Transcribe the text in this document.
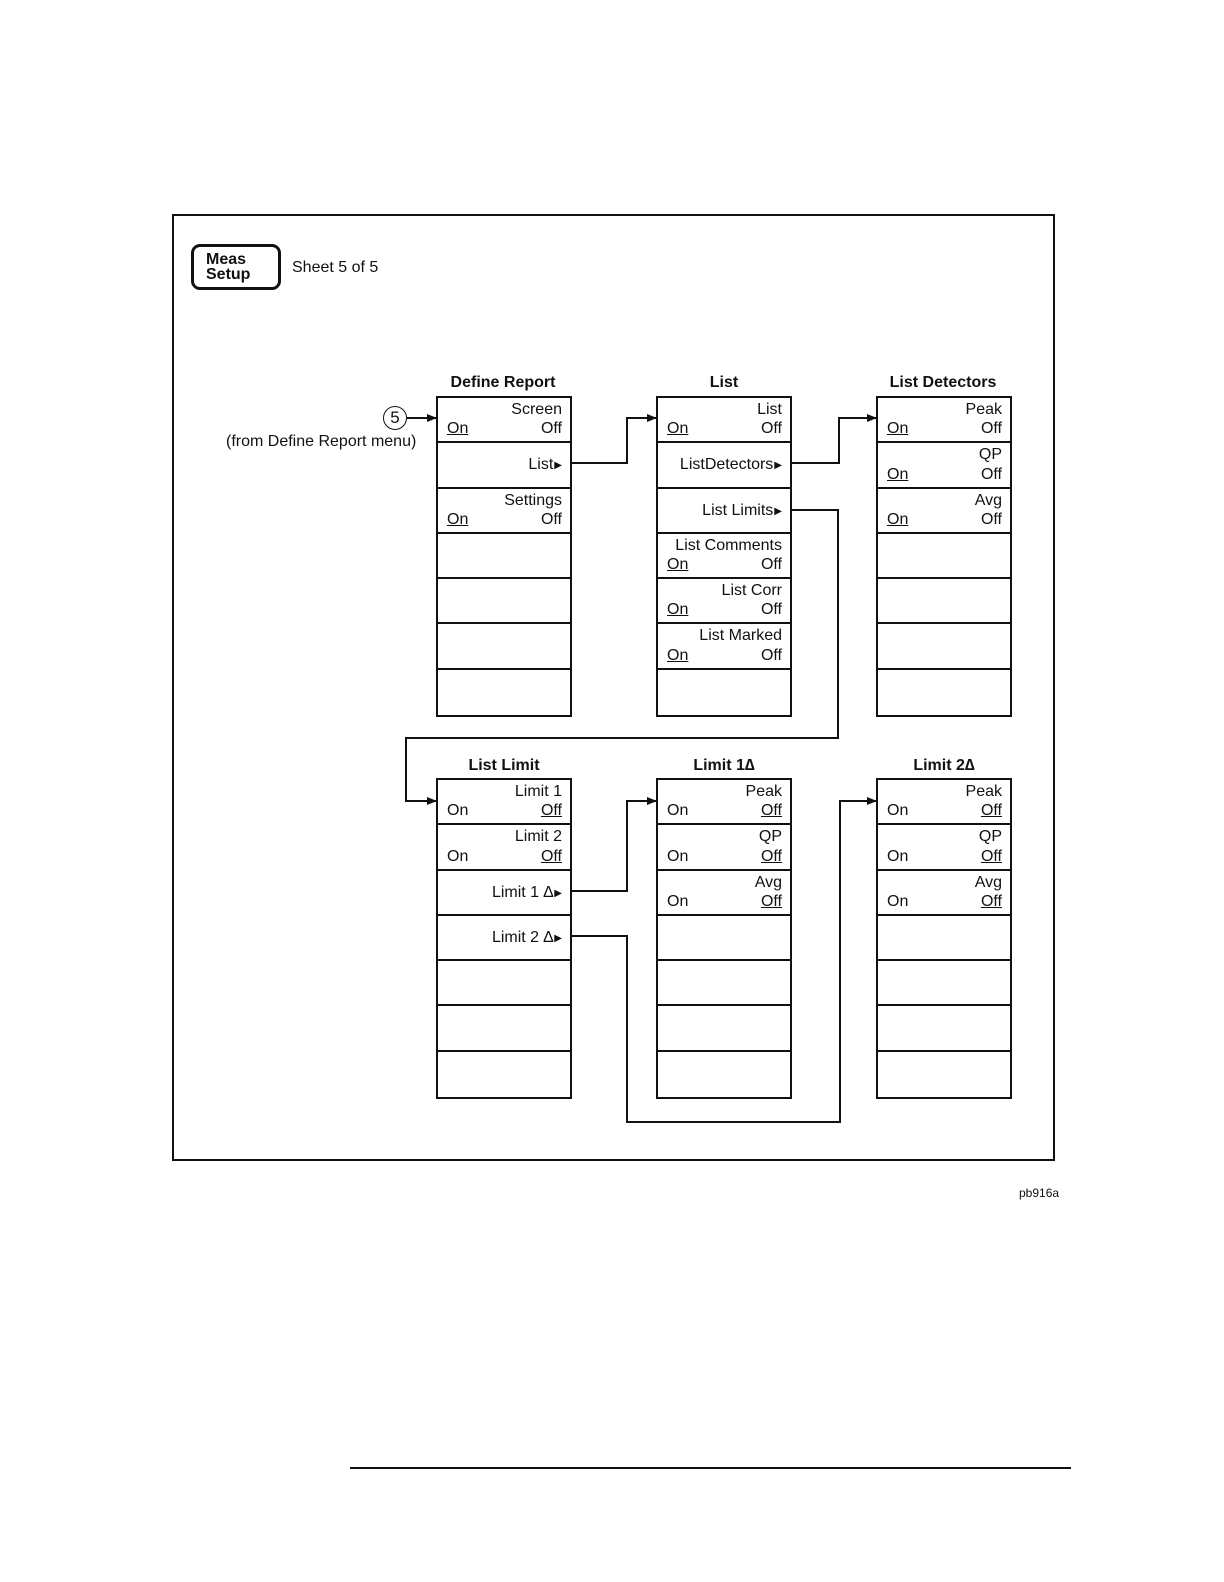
Meas
Setup	Sheet 5 of 5
5
(from Define Report menu)
Define Report
Screen
On	Off
List▶
Settings
On	Off
List
List
On	Off
ListDetectors▶
List Limits▶
List Comments
On	Off
List Corr
On	Off
List Marked
On	Off
List Detectors
Peak
On	Off
QP
On	Off
Avg
On	Off
List Limit
Limit 1
On	Off
Limit 2
On	Off
Limit 1 ∆▶
Limit 2 ∆▶
Limit 1∆
Peak
On	Off
QP
On	Off
Avg
On	Off
Limit 2∆
Peak
On	Off
QP
On	Off
Avg
On	Off
pb916a
